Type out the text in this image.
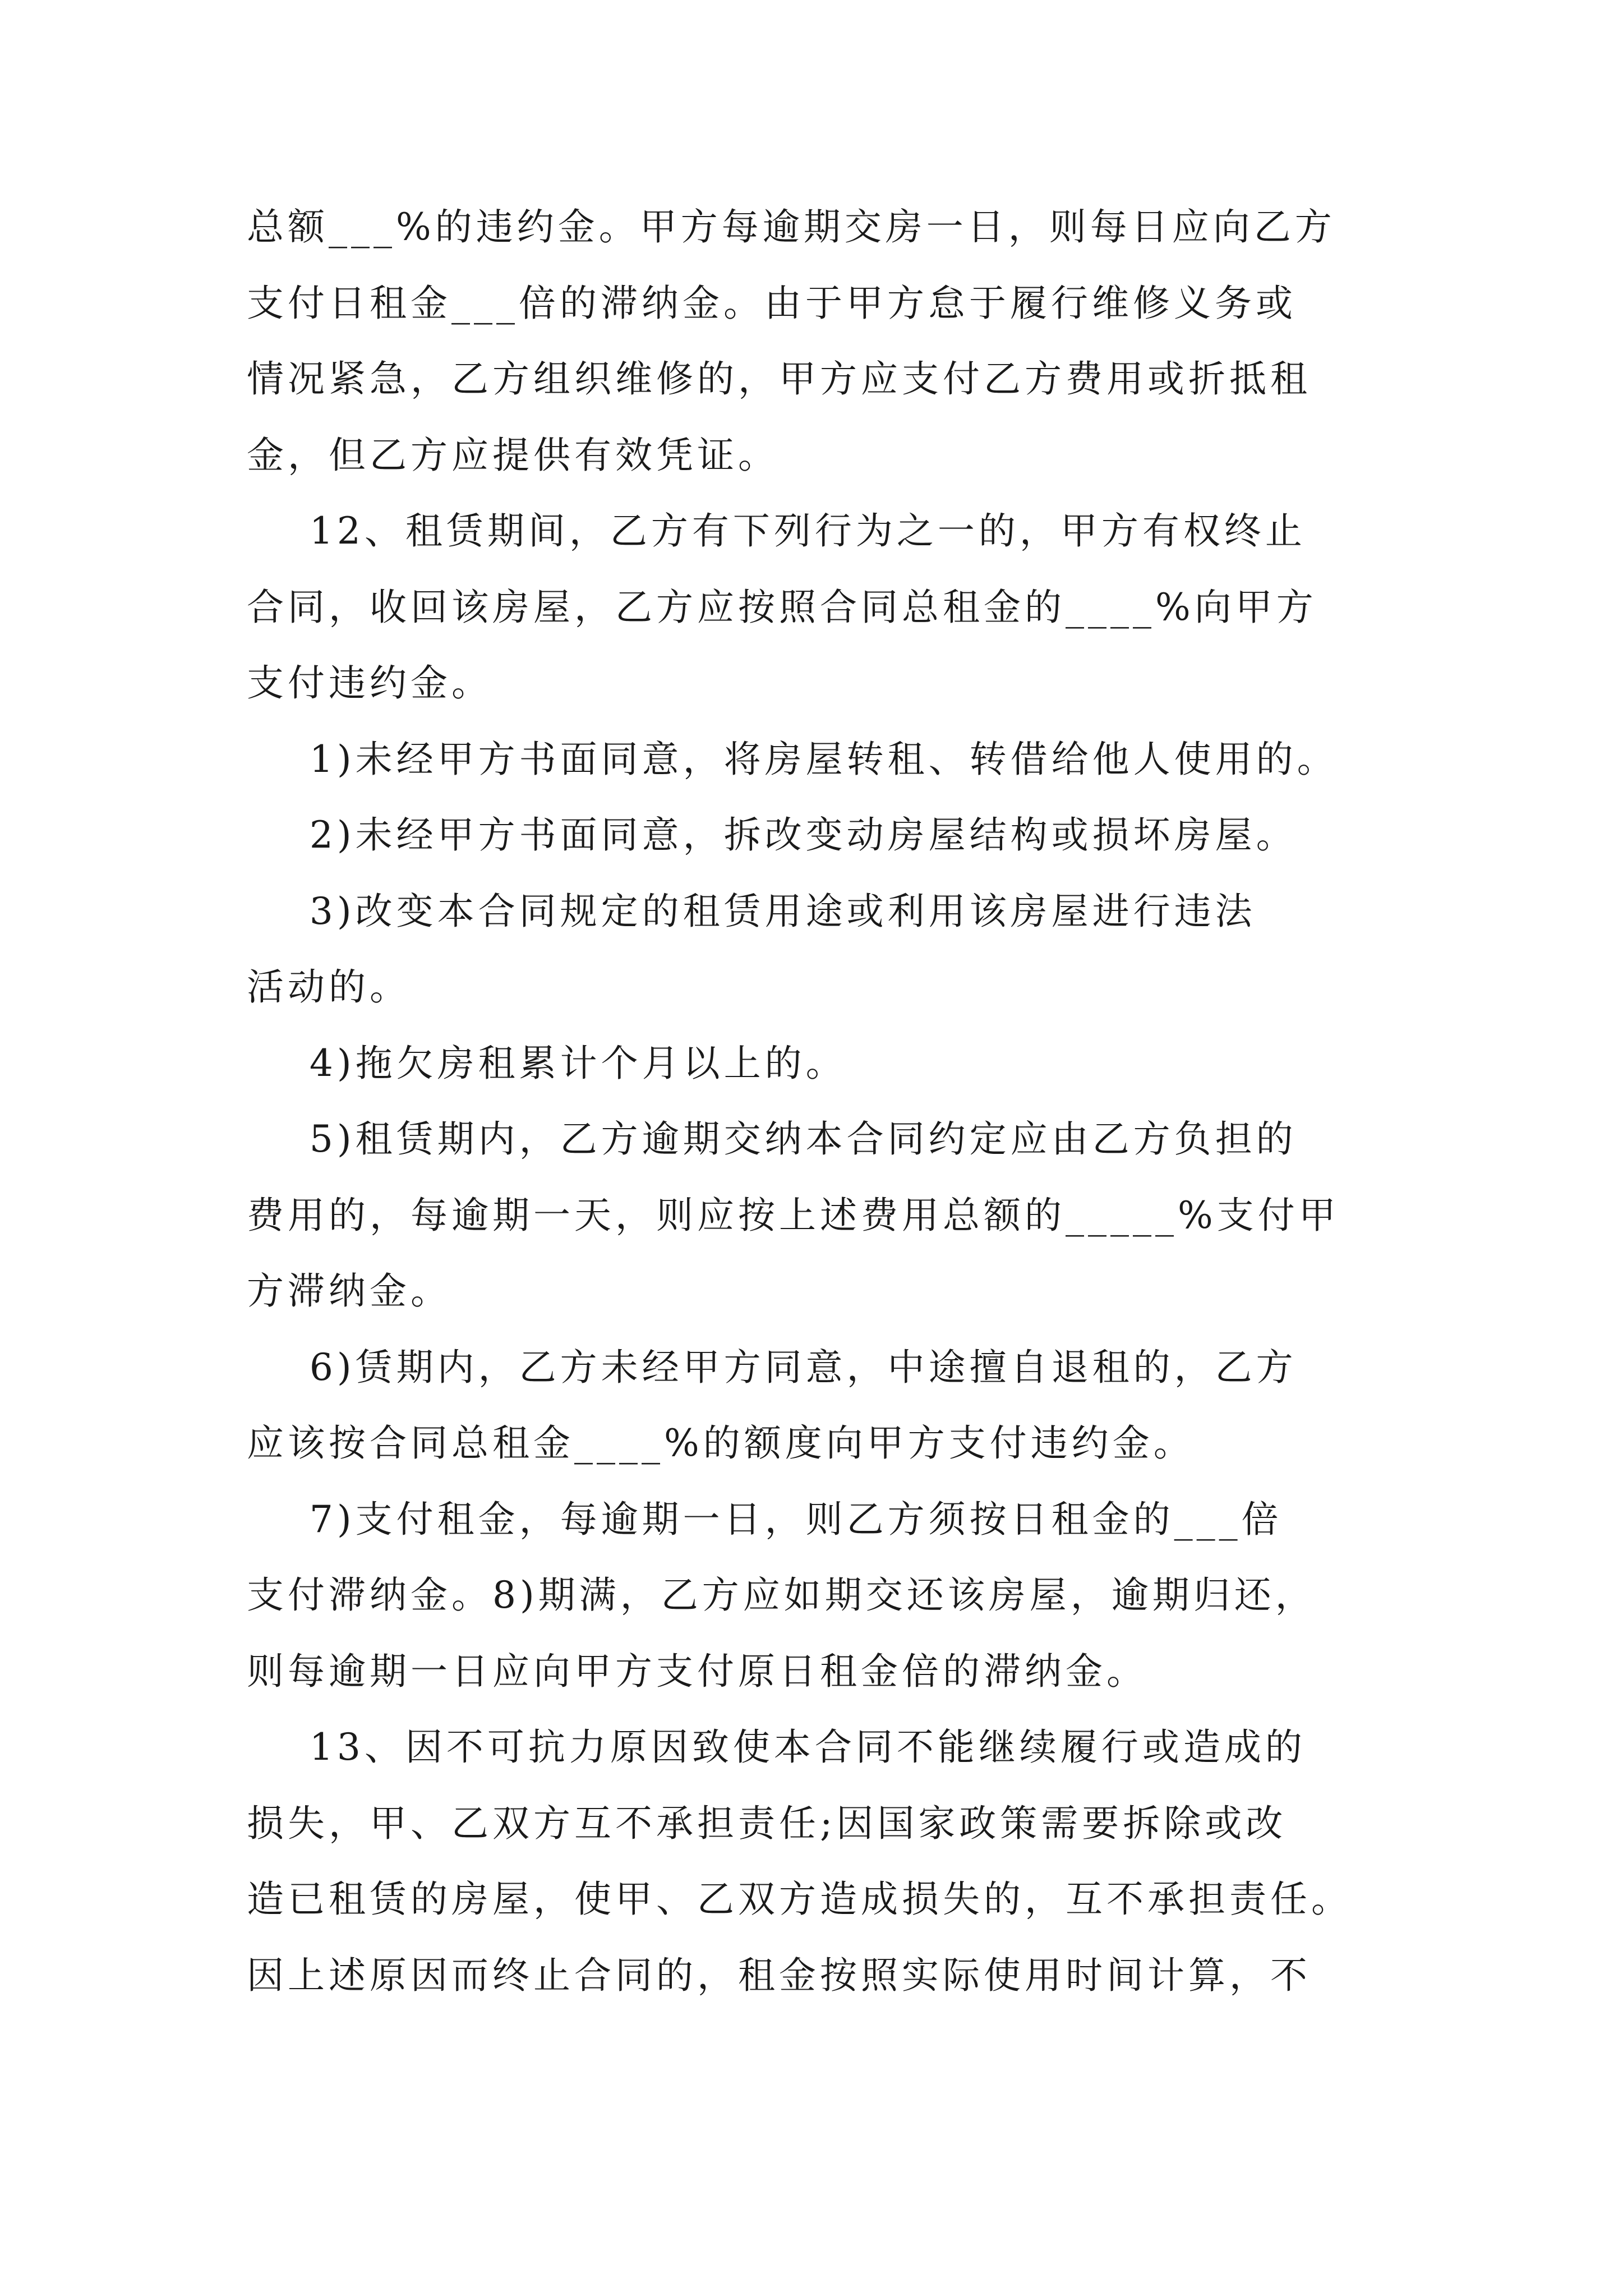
总额___%的违约金。甲方每逾期交房一日，则每日应向乙方
支付日租金___倍的滞纳金。由于甲方怠于履行维修义务或
情况紧急，乙方组织维修的，甲方应支付乙方费用或折抵租
金，但乙方应提供有效凭证。
12、租赁期间，乙方有下列行为之一的，甲方有权终止
合同，收回该房屋，乙方应按照合同总租金的____%向甲方
支付违约金。
1)未经甲方书面同意，将房屋转租、转借给他人使用的。
2)未经甲方书面同意，拆改变动房屋结构或损坏房屋。
3)改变本合同规定的租赁用途或利用该房屋进行违法
活动的。
4)拖欠房租累计个月以上的。
5)租赁期内，乙方逾期交纳本合同约定应由乙方负担的
费用的，每逾期一天，则应按上述费用总额的_____%支付甲
方滞纳金。
6)赁期内，乙方未经甲方同意，中途擅自退租的，乙方
应该按合同总租金____%的额度向甲方支付违约金。
7)支付租金，每逾期一日，则乙方须按日租金的___倍
支付滞纳金。8)期满，乙方应如期交还该房屋，逾期归还，
则每逾期一日应向甲方支付原日租金倍的滞纳金。
13、因不可抗力原因致使本合同不能继续履行或造成的
损失，甲、乙双方互不承担责任;因国家政策需要拆除或改
造已租赁的房屋，使甲、乙双方造成损失的，互不承担责任。
因上述原因而终止合同的，租金按照实际使用时间计算，不
